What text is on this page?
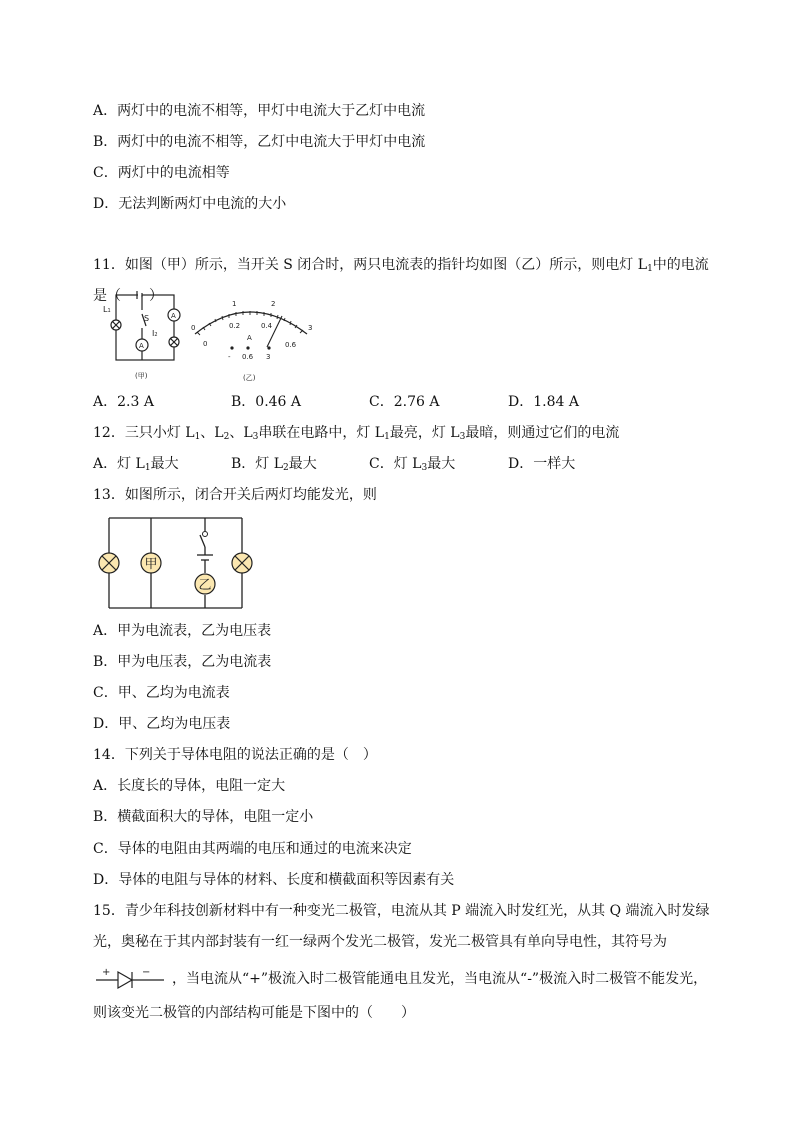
A．两灯中的电流不相等，甲灯中电流大于乙灯中电流
B．两灯中的电流不相等，乙灯中电流大于甲灯中电流
C．两灯中的电流相等
D．无法判断两灯中电流的大小
11．如图（甲）所示，当开关 S 闭合时，两只电流表的指针均如图（乙）所示，则电灯 $L_1$中的电流
是（　　）
L1
S
I2
A
A
(甲)
0
1	2
3
0
0.2	0.4
0.6
A
- 0.6 3
(乙)
A．2.3 A	B．0.46 A	C．2.76 A	D．1.84 A
12．三只小灯 $L_1$、$L_2$、$L_3$串联在电路中，灯 $L_1$最亮，灯 $L_3$最暗，则通过它们的电流
A．灯 $L_1$最大	B．灯 $L_2$最大	C．灯 $L_3$最大	D．一样大
13．如图所示，闭合开关后两灯均能发光，则
甲
乙
A．甲为电流表，乙为电压表
B．甲为电压表，乙为电流表
C．甲、乙均为电流表
D．甲、乙均为电压表
14．下列关于导体电阻的说法正确的是（　）
A．长度长的导体，电阻一定大
B．横截面积大的导体，电阻一定小
C．导体的电阻由其两端的电压和通过的电流来决定
D．导体的电阻与导体的材料、长度和横截面积等因素有关
15．青少年科技创新材料中有一种变光二极管，电流从其 P 端流入时发红光，从其 Q 端流入时发绿
光，奥秘在于其内部封装有一红一绿两个发光二极管，发光二极管具有单向导电性，其符号为
+	− ，当电流从“+”极流入时二极管能通电且发光，当电流从“-”极流入时二极管不能发光，
则该变光二极管的内部结构可能是下图中的（　　）
